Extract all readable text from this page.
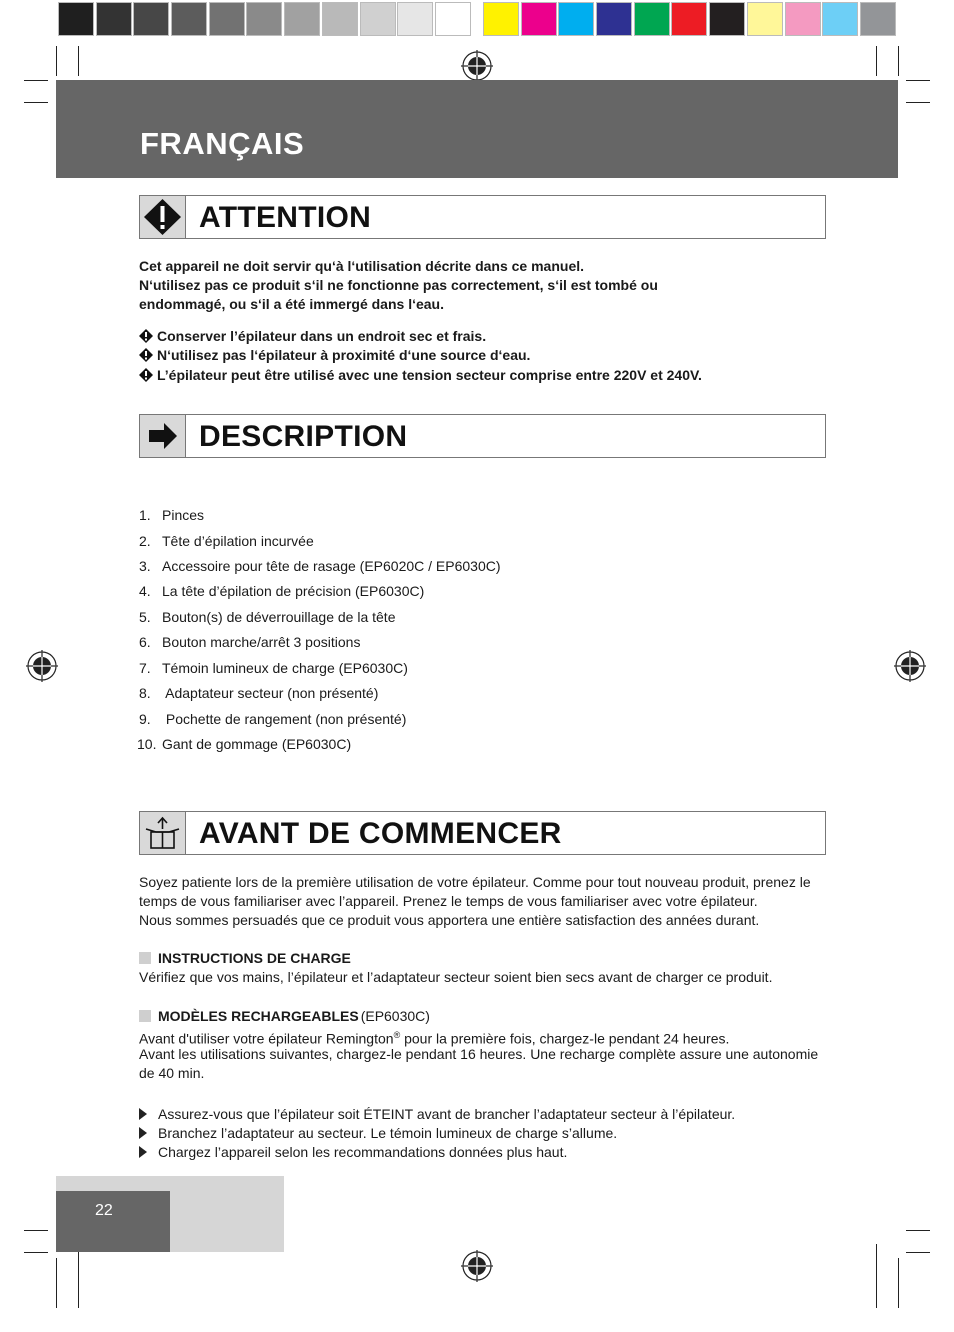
FRANÇAIS
ATTENTION
Cet appareil ne doit servir qu‘à l‘utilisation décrite dans ce manuel.
N‘utilisez pas ce produit s‘il ne fonctionne pas correctement, s‘il est tombé ou
endommagé, ou s‘il a été immergé dans l‘eau.
Conserver l’épilateur dans un endroit sec et frais.
N‘utilisez pas l‘épilateur à proximité d‘une source d‘eau.
L’épilateur peut être utilisé avec une tension secteur comprise entre 220V et 240V.
DESCRIPTION
1. Pinces
2. Tête d’épilation incurvée
3. Accessoire pour tête de rasage (EP6020C / EP6030C)
4. La tête d’épilation de précision (EP6030C)
5. Bouton(s) de déverrouillage de la tête
6. Bouton marche/arrêt 3 positions
7. Témoin lumineux de charge (EP6030C)
8. Adaptateur secteur (non présenté)
9. Pochette de rangement (non présenté)
10. Gant de gommage (EP6030C)
AVANT DE COMMENCER
Soyez patiente lors de la première utilisation de votre épilateur. Comme pour tout nouveau produit, prenez le
temps de vous familiariser avec l’appareil. Prenez le temps de vous familiariser avec votre épilateur.
Nous sommes persuadés que ce produit vous apportera une entière satisfaction des années durant.
INSTRUCTIONS DE CHARGE
Vérifiez que vos mains, l’épilateur et l’adaptateur secteur soient bien secs avant de charger ce produit.
MODÈLES RECHARGEABLES (EP6030C)
Avant d'utiliser votre épilateur Remington® pour la première fois, chargez-le pendant 24 heures.
Avant les utilisations suivantes, chargez-le pendant 16 heures. Une recharge complète assure une autonomie
de 40 min.
Assurez-vous que l’épilateur soit ÉTEINT avant de brancher l’adaptateur secteur à l’épilateur.
Branchez l’adaptateur au secteur. Le témoin lumineux de charge s’allume.
Chargez l’appareil selon les recommandations données plus haut.
22
